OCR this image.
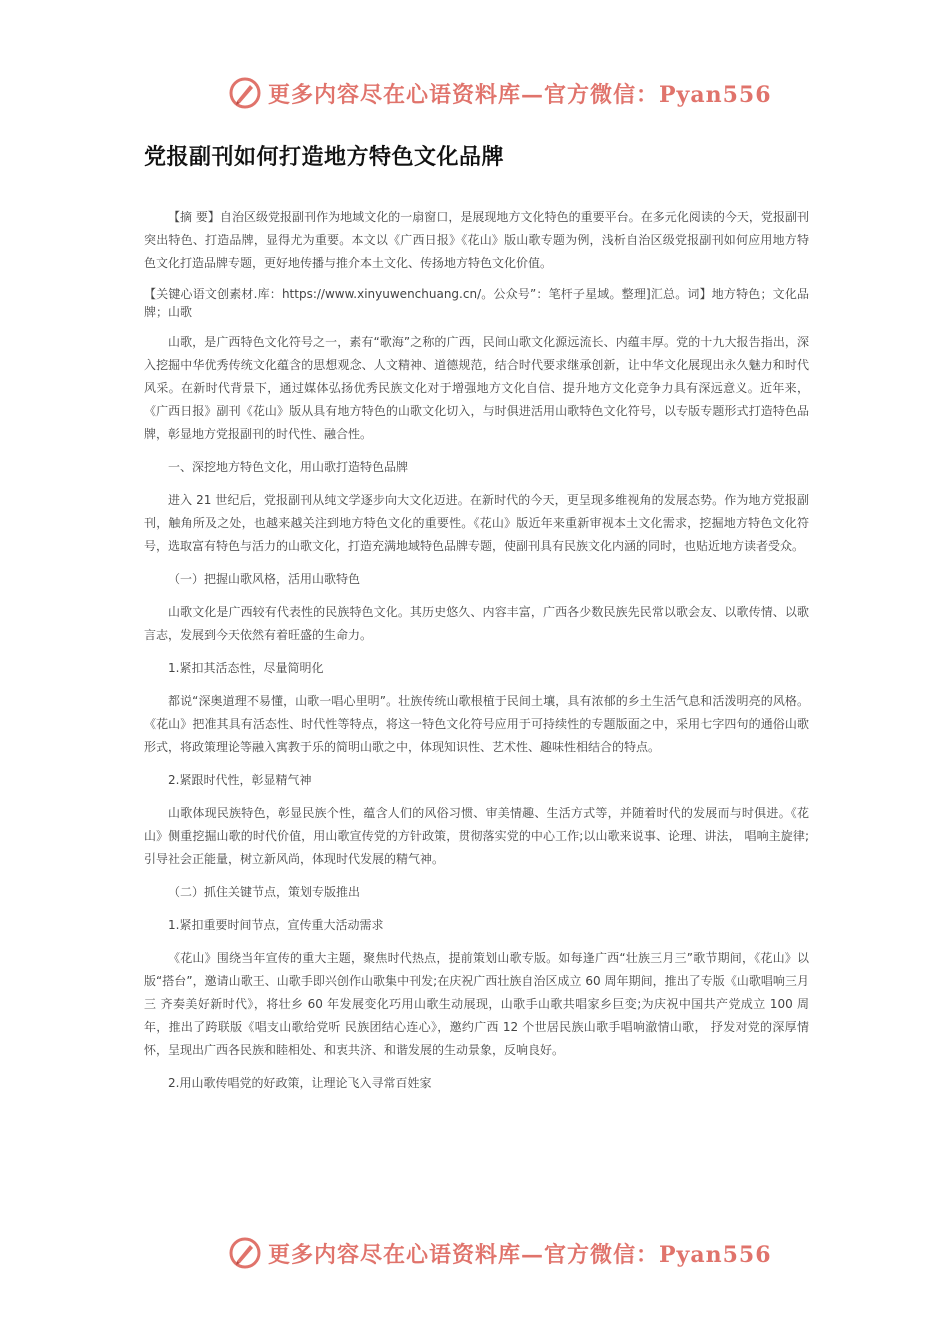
更多内容尽在心语资料库—官方微信：Pyan556
党报副刊如何打造地方特色文化品牌

【摘 要】自治区级党报副刊作为地域文化的一扇窗口，是展现地方文化特色的重要平台。在多元化阅读的今天，党报副刊突出特色、打造品牌，显得尤为重要。本文以《广西日报》《花山》版山歌专题为例，浅析自治区级党报副刊如何应用地方特色文化打造品牌专题，更好地传播与推介本土文化、传扬地方特色文化价值。

【关键心语文创素材.库：https://www.xinyuwenchuang.cn/。公众号”：笔杆子星域。整理]汇总。词】地方特色；文化品牌；山歌

山歌，是广西特色文化符号之一，素有“歌海”之称的广西，民间山歌文化源远流长、内蕴丰厚。党的十九大报告指出，深入挖掘中华优秀传统文化蕴含的思想观念、人文精神、道德规范，结合时代要求继承创新，让中华文化展现出永久魅力和时代风采。在新时代背景下，通过媒体弘扬优秀民族文化对于增强地方文化自信、提升地方文化竞争力具有深远意义。近年来，《广西日报》副刊《花山》版从具有地方特色的山歌文化切入，与时俱进活用山歌特色文化符号，以专版专题形式打造特色品牌，彰显地方党报副刊的时代性、融合性。

一、深挖地方特色文化，用山歌打造特色品牌

进入 21 世纪后，党报副刊从纯文学逐步向大文化迈进。在新时代的今天，更呈现多维视角的发展态势。作为地方党报副刊，触角所及之处，也越来越关注到地方特色文化的重要性。《花山》版近年来重新审视本土文化需求，挖掘地方特色文化符号，选取富有特色与活力的山歌文化，打造充满地域特色品牌专题，使副刊具有民族文化内涵的同时，也贴近地方读者受众。

（一）把握山歌风格，活用山歌特色

山歌文化是广西较有代表性的民族特色文化。其历史悠久、内容丰富，广西各少数民族先民常以歌会友、以歌传情、以歌言志，发展到今天依然有着旺盛的生命力。

1.紧扣其活态性，尽量简明化

都说“深奥道理不易懂，山歌一唱心里明”。壮族传统山歌根植于民间土壤，具有浓郁的乡土生活气息和活泼明亮的风格。《花山》把准其具有活态性、时代性等特点，将这一特色文化符号应用于可持续性的专题版面之中，采用七字四句的通俗山歌形式，将政策理论等融入寓教于乐的简明山歌之中，体现知识性、艺术性、趣味性相结合的特点。

2.紧跟时代性，彰显精气神

山歌体现民族特色，彰显民族个性，蕴含人们的风俗习惯、审美情趣、生活方式等，并随着时代的发展而与时俱进。《花山》侧重挖掘山歌的时代价值，用山歌宣传党的方针政策，贯彻落实党的中心工作;以山歌来说事、论理、讲法， 唱响主旋律;引导社会正能量，树立新风尚，体现时代发展的精气神。

（二）抓住关键节点，策划专版推出

1.紧扣重要时间节点，宣传重大活动需求

《花山》围绕当年宣传的重大主题，聚焦时代热点，提前策划山歌专版。如每逢广西“壮族三月三”歌节期间，《花山》以版“搭台”，邀请山歌王、山歌手即兴创作山歌集中刊发;在庆祝广西壮族自治区成立 60 周年期间，推出了专版《山歌唱响三月三 齐奏美好新时代》，将壮乡 60 年发展变化巧用山歌生动展现，山歌手山歌共唱家乡巨变;为庆祝中国共产党成立 100 周年，推出了跨联版《唱支山歌给党听 民族团结心连心》，邀约广西 12 个世居民族山歌手唱响澈情山歌， 抒发对党的深厚情怀，呈现出广西各民族和睦相处、和衷共济、和谐发展的生动景象，反响良好。

2.用山歌传唱党的好政策，让理论飞入寻常百姓家

更多内容尽在心语资料库—官方微信：Pyan556
